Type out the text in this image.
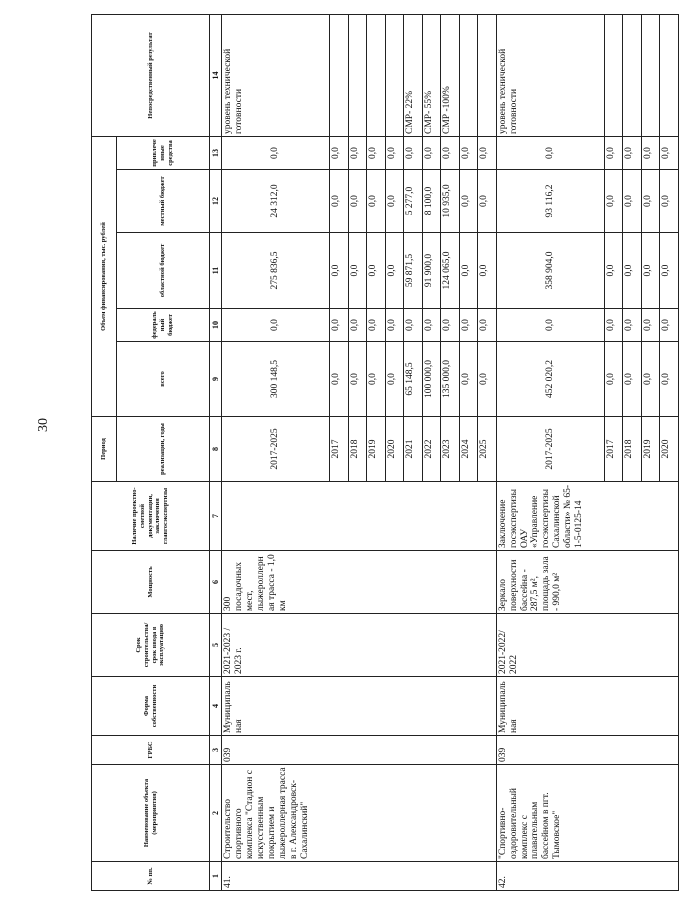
30
№ пп.	Наименование объекта (мероприятия)	ГРБС	Форма собственности	Срок строительства/срок ввода в эксплуатацию	Мощность	Наличие проектно-сметной документации, заключения главгосэкспертизы	Период	Объем финансирования, тыс. рублей					Непосредственный результат
							реализации, годы	всего	федеральный бюджет	областной бюджет	местный бюджет	привлеченные средства	
1	2	3	4	5	6	7	8	9	10	11	12	13	14
41.	Строительство спортивного комплекса "Стадион с искусственным покрытием и лыжероллерная трасса в г. Александровск-Сахалинский"	039	Муниципальная	2021-2023 / 2023 г.	300 посадочных мест, лыжероллерная трасса - 1,0 км		2017-2025	300 148,5	0,0	275 836,5	24 312,0	0,0	уровень технической готовности
							2017	0,0	0,0	0,0	0,0	0,0	
							2018	0,0	0,0	0,0	0,0	0,0	
							2019	0,0	0,0	0,0	0,0	0,0	
							2020	0,0	0,0	0,0	0,0	0,0	
							2021	65 148,5	0,0	59 871,5	5 277,0	0,0	СМР- 22%
							2022	100 000,0	0,0	91 900,0	8 100,0	0,0	СМР- 55%
							2023	135 000,0	0,0	124 065,0	10 935,0	0,0	СМР -100%
							2024	0,0	0,0	0,0	0,0	0,0	
							2025	0,0	0,0	0,0	0,0	0,0	
42.	"Спортивно-оздоровительный комплекс с плавательным бассейном в пгт. Тымовское"	039	Муниципальная	2021-2022/ 2022	Зеркало поверхности бассейна - 287,5 м², площадь зала - 990,0 м²	Заключение госэкспертизы ОАУ «Управление госэкспертизы Сахалинской области» № 65-1-5-0125-14	2017-2025	452 020,2	0,0	358 904,0	93 116,2	0,0	уровень технической готовности
							2017	0,0	0,0	0,0	0,0	0,0	
							2018	0,0	0,0	0,0	0,0	0,0	
							2019	0,0	0,0	0,0	0,0	0,0	
							2020	0,0	0,0	0,0	0,0	0,0	
